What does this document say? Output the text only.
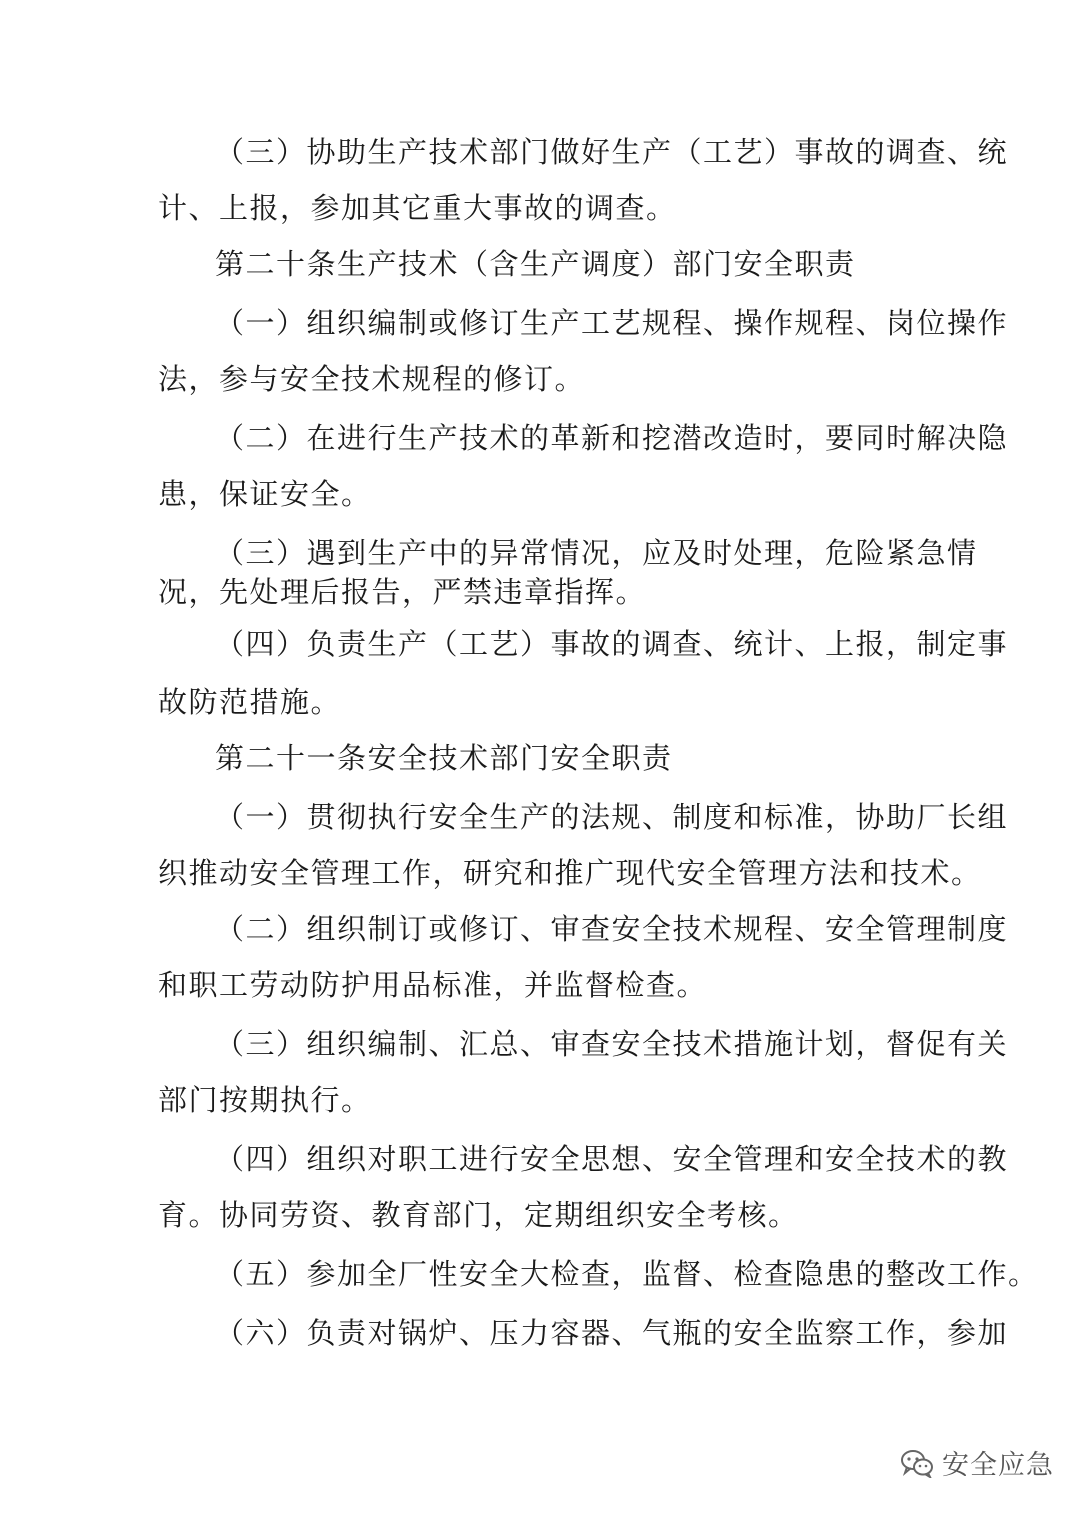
（三）协助生产技术部门做好生产（工艺）事故的调查、统
计、上报，参加其它重大事故的调查。
第二十条生产技术（含生产调度）部门安全职责
（一）组织编制或修订生产工艺规程、操作规程、岗位操作
法，参与安全技术规程的修订。
（二）在进行生产技术的革新和挖潜改造时，要同时解决隐
患，保证安全。
（三）遇到生产中的异常情况，应及时处理，危险紧急情
况，先处理后报告，严禁违章指挥。
（四）负责生产（工艺）事故的调查、统计、上报，制定事
故防范措施。
第二十一条安全技术部门安全职责
（一）贯彻执行安全生产的法规、制度和标准，协助厂长组
织推动安全管理工作，研究和推广现代安全管理方法和技术。
（二）组织制订或修订、审查安全技术规程、安全管理制度
和职工劳动防护用品标准，并监督检查。
（三）组织编制、汇总、审查安全技术措施计划，督促有关
部门按期执行。
（四）组织对职工进行安全思想、安全管理和安全技术的教
育。协同劳资、教育部门，定期组织安全考核。
（五）参加全厂性安全大检查，监督、检查隐患的整改工作。
（六）负责对锅炉、压力容器、气瓶的安全监察工作，参加
安全应急
